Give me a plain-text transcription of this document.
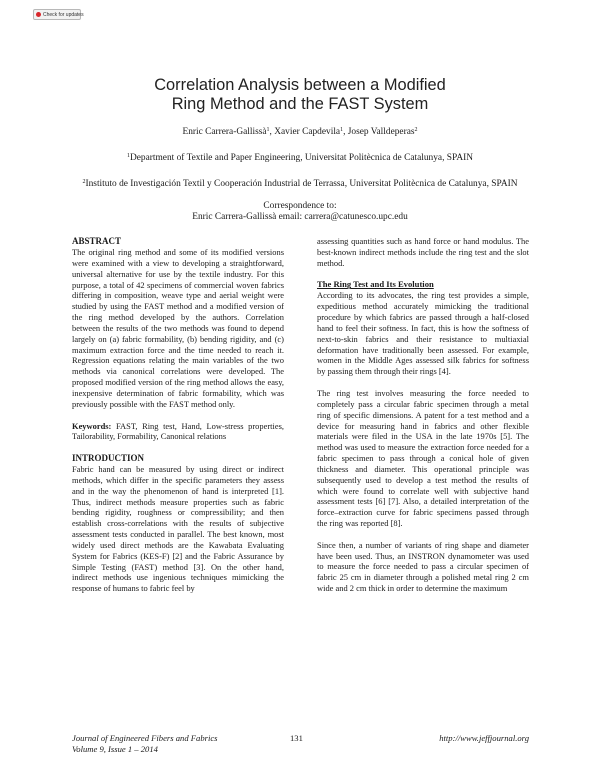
Check for updates
Correlation Analysis between a Modified
Ring Method and the FAST System
Enric Carrera-Gallissà$^1$, Xavier Capdevila$^1$, Josep Valldeperas$^2$
$^1$Department of Textile and Paper Engineering, Universitat Politècnica de Catalunya, SPAIN
$^2$Instituto de Investigación Textil y Cooperación Industrial de Terrassa, Universitat Politècnica de Catalunya, SPAIN
Correspondence to:
Enric Carrera-Gallissà email: carrera@catunesco.upc.edu

ABSTRACT

The original ring method and some of its modified versions were examined with a view to developing a straightforward, universal alternative for use by the textile industry. For this purpose, a total of 42 specimens of commercial woven fabrics differing in composition, weave type and aerial weight were studied by using the FAST method and a modified version of the ring method developed by the authors. Correlation between the results of the two methods was found to depend largely on (a) fabric formability, (b) bending rigidity, and (c) maximum extraction force and the time needed to reach it. Regression equations relating the main variables of the two methods via canonical correlations were developed. The proposed modified version of the ring method allows the easy, inexpensive determination of fabric formability, which was previously possible with the FAST method only.

Keywords: FAST, Ring test, Hand, Low-stress properties, Tailorability, Formability, Canonical relations

INTRODUCTION

Fabric hand can be measured by using direct or indirect methods, which differ in the specific parameters they assess and in the way the phenomenon of hand is interpreted [1]. Thus, indirect methods measure properties such as fabric bending rigidity, roughness or compressibility; and then establish cross-correlations with the results of subjective assessment tests conducted in parallel. The best known, most widely used direct methods are the Kawabata Evaluating System for Fabrics (KES-F) [2] and the Fabric Assurance by Simple Testing (FAST) method [3]. On the other hand, indirect methods use ingenious techniques mimicking the response of humans to fabric feel by

assessing quantities such as hand force or hand modulus. The best-known indirect methods include the ring test and the slot method.

The Ring Test and Its Evolution

According to its advocates, the ring test provides a simple, expeditious method accurately mimicking the traditional procedure by which fabrics are passed through a half-closed hand to feel their softness. In fact, this is how the softness of next-to-skin fabrics and their resistance to multiaxial deformation have traditionally been assessed. For example, women in the Middle Ages assessed silk fabrics for softness by passing them through their rings [4].

The ring test involves measuring the force needed to completely pass a circular fabric specimen through a metal ring of specific dimensions. A patent for a test method and a device for measuring hand in fabrics and other flexible materials were filed in the USA in the late 1970s [5]. The method was used to measure the extraction force needed for a fabric specimen to pass through a conical hole of given thickness and diameter. This operational principle was subsequently used to develop a test method the results of which were found to correlate well with subjective hand assessment tests [6] [7]. Also, a detailed interpretation of the force–extraction curve for fabric specimens passed through the ring was reported [8].

Since then, a number of variants of ring shape and diameter have been used. Thus, an INSTRON dynamometer was used to measure the force needed to pass a circular specimen of fabric 25 cm in diameter through a polished metal ring 2 cm wide and 2 cm thick in order to determine the maximum

Journal of Engineered Fibers and Fabrics
Volume 9, Issue 1 – 2014
131	http://www.jeffjournal.org
